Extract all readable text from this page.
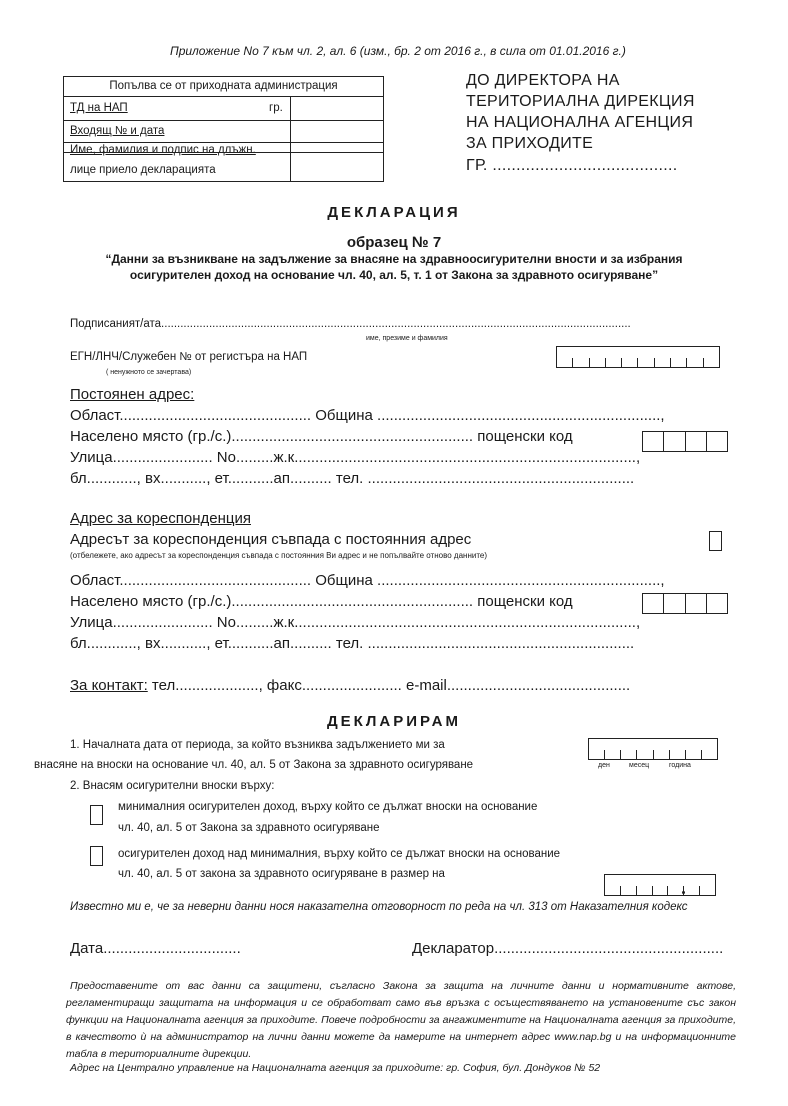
Приложение No 7 към чл. 2, ал. 6 (изм., бр. 2 от 2016 г., в сила от 01.01.2016 г.)
Попълва се от приходната администрация
ТД на НАП	гр.
Входящ № и дата
Име, фамилия и подпис на длъжн.
лице приело декларацията
ДО ДИРЕКТОРА НА
ТЕРИТОРИАЛНА ДИРЕКЦИЯ
НА НАЦИОНАЛНА АГЕНЦИЯ
ЗА ПРИХОДИТЕ
ГР. .......................................
ДЕКЛАРАЦИЯ
образец № 7
“Данни за възникване на задължение за внасяне на здравноосигурителни вности и за избрания
осигурителен доход на основание чл. 40, ал. 5, т. 1 от Закона за здравното осигуряване”
Подписаният/ата...................................................................................................................................................
име, презиме и фамилия
ЕГН/ЛНЧ/Служебен № от регистъра на НАП
( ненужното се зачертава)
Постоянен адрес:
Област.............................................. Община ....................................................................,
Населено място (гр./с.).......................................................... пощенски код
Улица........................ No.........ж.к..................................................................................,
бл............, вх..........., ет...........ап.......... тел. ................................................................
Адрес за кореспонденция
Адресът за кореспонденция съвпада с постоянния адрес
(отбележете, ако адресът за кореспонденция съвпада с постоянния Ви адрес и не попълвайте отново данните)
Област.............................................. Община ....................................................................,
Населено място (гр./с.).......................................................... пощенски код
Улица........................ No.........ж.к..................................................................................,
бл............, вх..........., ет...........ап.......... тел. ................................................................
За контакт: тел...................., факс........................ e-mail............................................
ДЕКЛАРИРАМ
1. Началната дата от периода, за който възниква задължението ми за
внасяне на вноски на основание чл. 40, ал. 5 от Закона за здравното осигуряване	ден	месец	година
2. Внасям осигурителни вноски върху:
минималния осигурителен доход, върху който се дължат вноски на основание
чл. 40, ал. 5 от Закона за здравното осигуряване
осигурителен доход над минималния, върху който се дължат вноски на основание
чл. 40, ал. 5 от закона за здравното осигуряване в размер на
Известно ми е, че за неверни данни нося наказателна отговорност по реда на чл. 313 от Наказателния кодекс
Дата.................................	Декларатор.......................................................
Предоставените от вас данни са защитени, съгласно Закона за защита на личните данни и нормативните актове, регламентиращи защитата на информация и се обработват само във връзка с осъществяването на установените със закон функции на Националната агенция за приходите. Повече подробности за ангажиментите на Националната агенция за приходите, в качеството ѝ на администратор на лични данни можете да намерите на интернет адрес www.nap.bg и на информационните табла в териториалните дирекции.
Адрес на Централно управление на Националната агенция за приходите: гр. София, бул. Дондуков № 52
